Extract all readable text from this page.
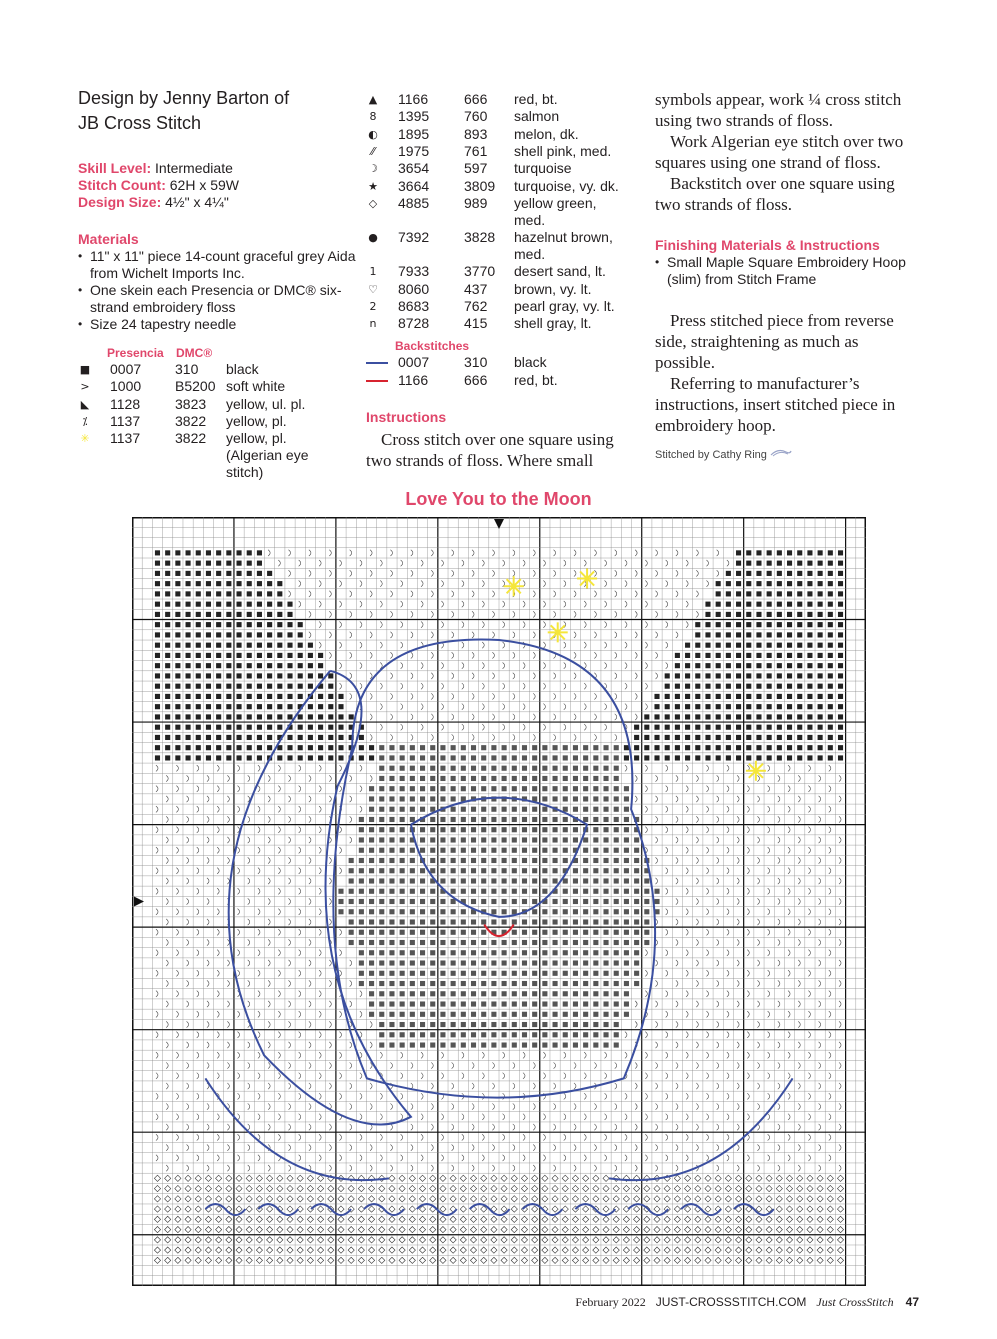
Design by Jenny Barton of
JB Cross Stitch

Skill Level: Intermediate
Stitch Count: 62H x 59W
Design Size: 4½" x 4¼"
Materials
• 11" x 11" piece 14-count graceful grey Aida from Wichelt Imports Inc.
• One skein each Presencia or DMC® six-strand embroidery floss
• Size 24 tapestry needle
Presencia DMC®	Backstitches
Instructions

Cross stitch over one square using two strands of floss. Where small

symbols appear, work ¼ cross stitch using two strands of floss.

Work Algerian eye stitch over two squares using one strand of floss.

Backstitch over one square using two strands of floss.

Finishing Materials & Instructions
• Small Maple Square Embroidery Hoop (slim) from Stitch Frame

Press stitched piece from reverse side, straightening as much as possible.

Referring to manufacturer’s instructions, insert stitched piece in embroidery hoop.

Stitched by Cathy Ring
Love You to the Moon
February 2022 JUST-CROSSSTITCH.COM Just CrossStitch 47
■ 0007 310 black
> 1000 B5200 soft white
◣ 1128 3823 yellow, ul. pl.
⁒	1137 3822 yellow, pl.
✳ 1137 3822 yellow, pl.
(Algerian eye
stitch)
▲ 1166	666 red, bt.
8 1395 760 salmon
◐ 1895 893 melon, dk.
⁄⁄	1975 761 shell pink, med.
☽ 3654 597 turquoise
★ 3664 3809 turquoise, vy. dk.
◇ 4885 989 yellow green,
med.
● 7392 3828 hazelnut brown,
med.
1 7933 3770 desert sand, lt.
♡ 8060 437 brown, vy. lt.
2 8683 762 pearl gray, vy. lt.
n 8728 415 shell gray, lt.
0007 310 black
1166	666 red, bt.
